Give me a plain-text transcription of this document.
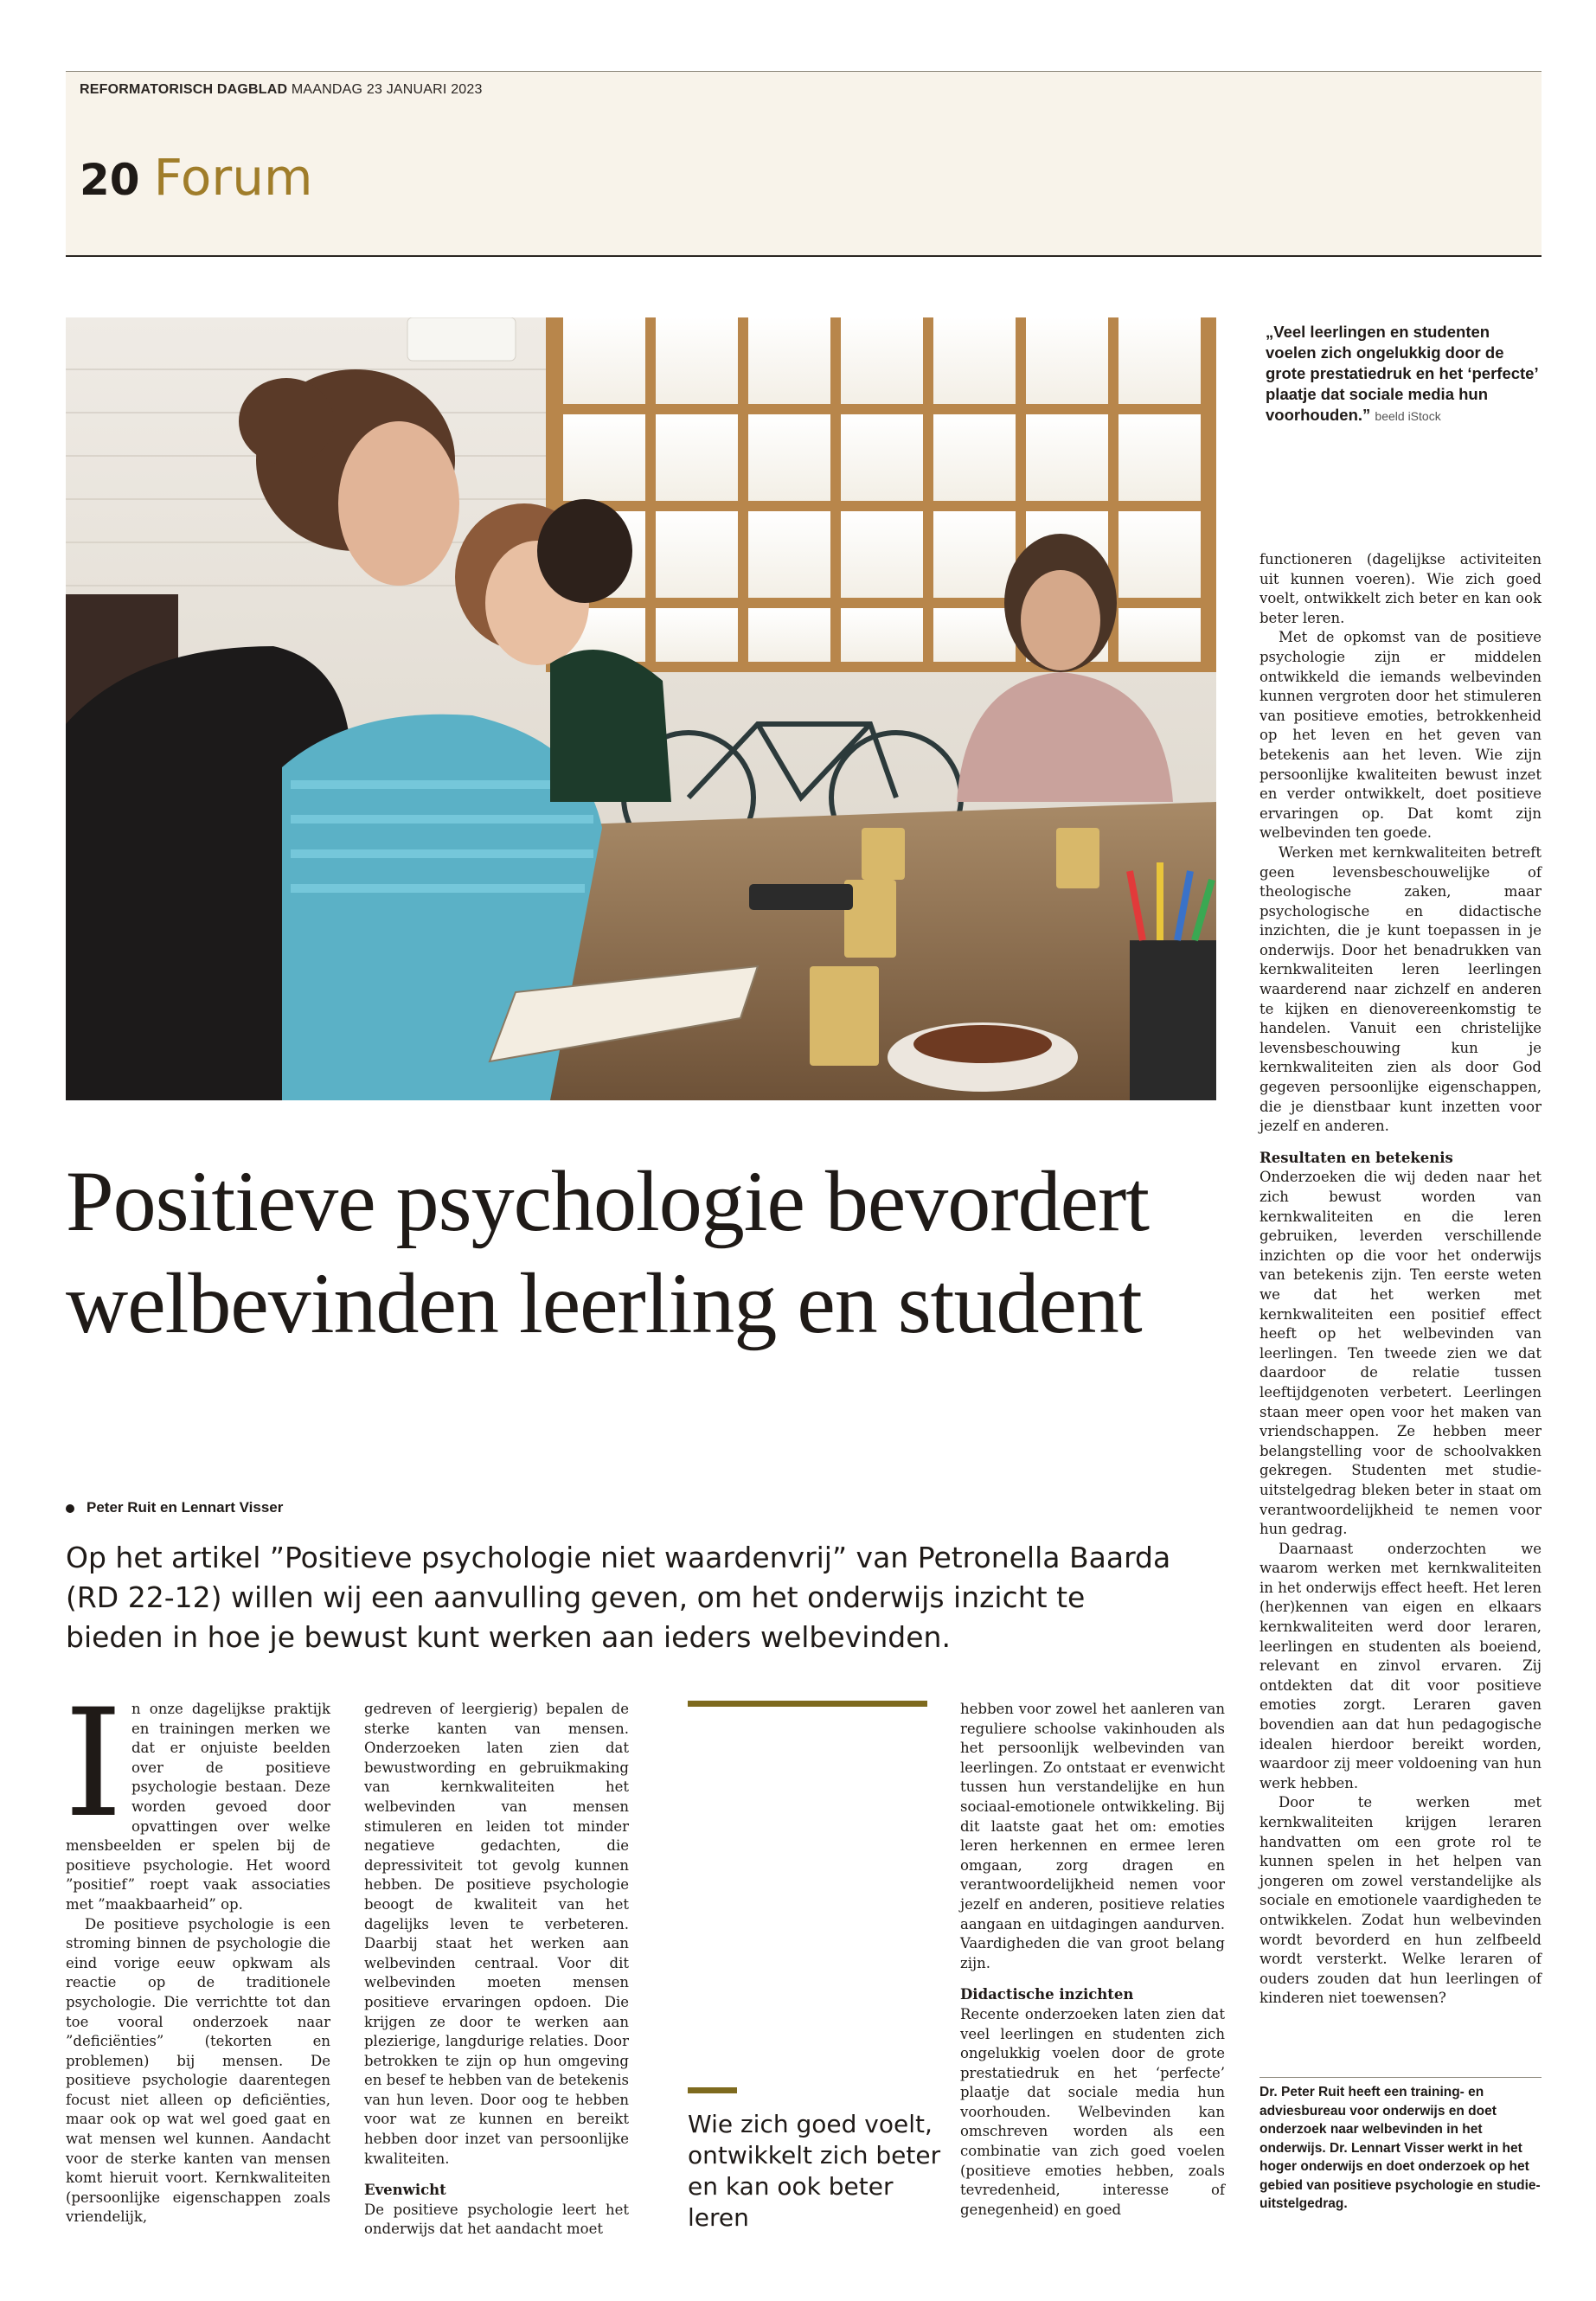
REFORMATORISCH DAGBLAD MAANDAG 23 JANUARI 2023
20 Forum
„Veel leerlingen en studenten voelen zich ongelukkig door de grote prestatiedruk en het ‘perfecte’ plaatje dat sociale media hun voorhouden.” beeld iStock
Positieve psychologie bevordert welbevinden leerling en student
Peter Ruit en Lennart Visser
Op het artikel ”Positieve psychologie niet waardenvrij” van Petronella Baarda (RD 22-12) willen wij een aanvulling geven, om het onderwijs inzicht te bieden in hoe je bewust kunt werken aan ieders welbevinden.
I n onze dagelijkse praktijk en trainingen merken we dat er onjuiste beelden over de positieve psychologie bestaan. Deze worden gevoed door opvattingen over welke mensbeelden er spelen bij de positieve psychologie. Het woord ”positief” roept vaak associaties met ”maakbaarheid” op.

De positieve psychologie is een stroming binnen de psychologie die eind vorige eeuw opkwam als reactie op de traditionele psychologie. Die verrichtte tot dan toe vooral onderzoek naar ”deficiënties” (tekorten en problemen) bij mensen. De positieve psychologie daarentegen focust niet alleen op deficiënties, maar ook op wat wel goed gaat en wat mensen wel kunnen. Aandacht voor de sterke kanten van mensen komt hieruit voort. Kernkwaliteiten (persoonlijke eigenschappen zoals vriendelijk,

gedreven of leergierig) bepalen de sterke kanten van mensen. Onderzoeken laten zien dat bewustwording en gebruikmaking van kernkwaliteiten het welbevinden van mensen stimuleren en leiden tot minder negatieve gedachten, die depressiviteit tot gevolg kunnen hebben. De positieve psychologie beoogt de kwaliteit van het dagelijks leven te verbeteren. Daarbij staat het werken aan welbevinden centraal. Voor dit welbevinden moeten mensen positieve ervaringen opdoen. Die krijgen ze door te werken aan plezierige, langdurige relaties. Door betrokken te zijn op hun omgeving en besef te hebben van de betekenis van hun leven. Door oog te hebben voor wat ze kunnen en bereikt hebben door inzet van persoonlijke kwaliteiten.

Evenwicht

De positieve psychologie leert het onderwijs dat het aandacht moet

Wie zich goed voelt, ontwikkelt zich beter en kan ook beter leren

hebben voor zowel het aanleren van reguliere schoolse vakinhouden als het persoonlijk welbevinden van leerlingen. Zo ontstaat er evenwicht tussen hun verstandelijke en hun sociaal-emotionele ontwikkeling. Bij dit laatste gaat het om: emoties leren herkennen en ermee leren omgaan, zorg dragen en verantwoordelijkheid nemen voor jezelf en anderen, positieve relaties aangaan en uitdagingen aandurven. Vaardigheden die van groot belang zijn.

Didactische inzichten

Recente onderzoeken laten zien dat veel leerlingen en studenten zich ongelukkig voelen door de grote prestatiedruk en het ‘perfecte’ plaatje dat sociale media hun voorhouden. Welbevinden kan omschreven worden als een combinatie van zich goed voelen (positieve emoties hebben, zoals tevredenheid, interesse of genegenheid) en goed

functioneren (dagelijkse activiteiten uit kunnen voeren). Wie zich goed voelt, ontwikkelt zich beter en kan ook beter leren.

Met de opkomst van de positieve psychologie zijn er middelen ontwikkeld die iemands welbevinden kunnen vergroten door het stimuleren van positieve emoties, betrokkenheid op het leven en het geven van betekenis aan het leven. Wie zijn persoonlijke kwaliteiten bewust inzet en verder ontwikkelt, doet positieve ervaringen op. Dat komt zijn welbevinden ten goede.

Werken met kernkwaliteiten betreft geen levensbeschouwelijke of theologische zaken, maar psychologische en didactische inzichten, die je kunt toepassen in je onderwijs. Door het benadrukken van kernkwaliteiten leren leerlingen waarderend naar zichzelf en anderen te kijken en dienovereenkomstig te handelen. Vanuit een christelijke levensbeschouwing kun je kernkwaliteiten zien als door God gegeven persoonlijke eigenschappen, die je dienstbaar kunt inzetten voor jezelf en anderen.

Resultaten en betekenis

Onderzoeken die wij deden naar het zich bewust worden van kernkwaliteiten en die leren gebruiken, leverden verschillende inzichten op die voor het onderwijs van betekenis zijn. Ten eerste weten we dat het werken met kernkwaliteiten een positief effect heeft op het welbevinden van leerlingen. Ten tweede zien we dat daardoor de relatie tussen leeftijdgenoten verbetert. Leerlingen staan meer open voor het maken van vriendschappen. Ze hebben meer belangstelling voor de schoolvakken gekregen. Studenten met studie-uitstelgedrag bleken beter in staat om verantwoordelijkheid te nemen voor hun gedrag.

Daarnaast onderzochten we waarom werken met kernkwaliteiten in het onderwijs effect heeft. Het leren (her)kennen van eigen en elkaars kernkwaliteiten werd door leraren, leerlingen en studenten als boeiend, relevant en zinvol ervaren. Zij ontdekten dat dit voor positieve emoties zorgt. Leraren gaven bovendien aan dat hun pedagogische idealen hierdoor bereikt worden, waardoor zij meer voldoening van hun werk hebben.

Door te werken met kernkwaliteiten krijgen leraren handvatten om een grote rol te kunnen spelen in het helpen van jongeren om zowel verstandelijke als sociale en emotionele vaardigheden te ontwikkelen. Zodat hun welbevinden wordt bevorderd en hun zelfbeeld wordt versterkt. Welke leraren of ouders zouden dat hun leerlingen of kinderen niet toewensen?

Dr. Peter Ruit heeft een training- en adviesbureau voor onderwijs en doet onderzoek naar welbevinden in het onderwijs. Dr. Lennart Visser werkt in het hoger onderwijs en doet onderzoek op het gebied van positieve psychologie en studie-uitstelgedrag.
